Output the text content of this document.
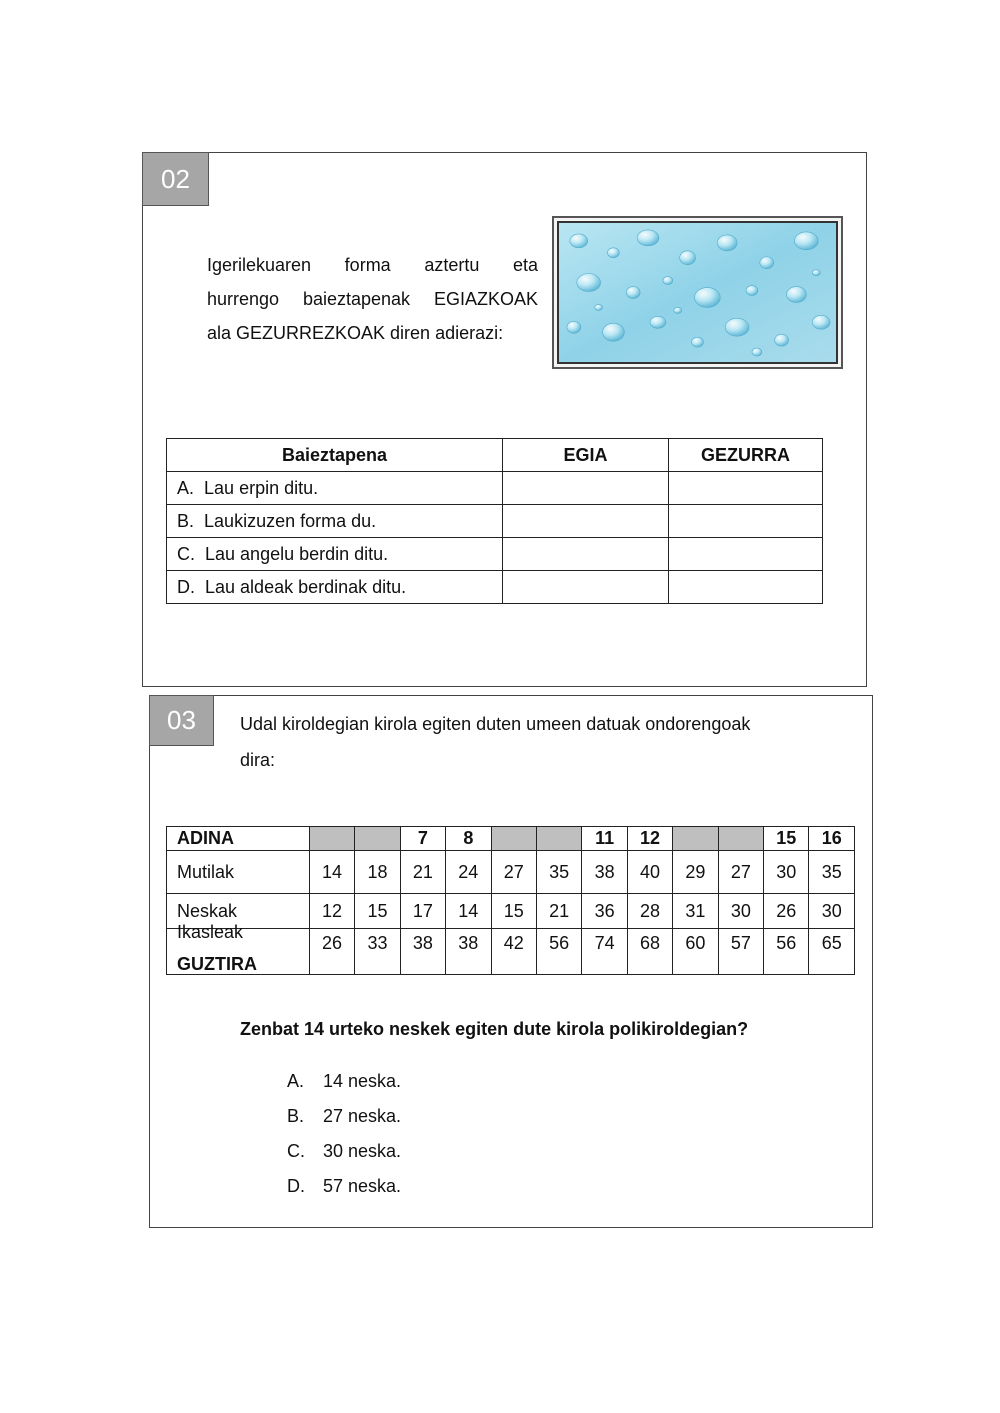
02
Igerilekuaren forma aztertu eta
hurrengo baieztapenak EGIAZKOAK
ala GEZURREZKOAK diren adierazi:
Baieztapena	EGIA	GEZURRA
A. Lau erpin ditu.		
B. Laukizuzen forma du.		
C. Lau angelu berdin ditu.		
D. Lau aldeak berdinak ditu.		
03	Udal kiroldegian kirola egiten duten umeen datuak ondorengoak
dira:
ADINA			7	8			11	12			15	16
Mutilak	14	18	21	24	27	35	38	40	29	27	30	35
Neskak	12	15	17	14	15	21	36	28	31	30	26	30

Ikasleak
GUZTIRA	26	33	38	38	42	56	74	68	60	57	56	65
Zenbat 14 urteko neskek egiten dute kirola polikiroldegian?
A.	14 neska.
B.	27 neska.
C.	30 neska.
D.	57 neska.
